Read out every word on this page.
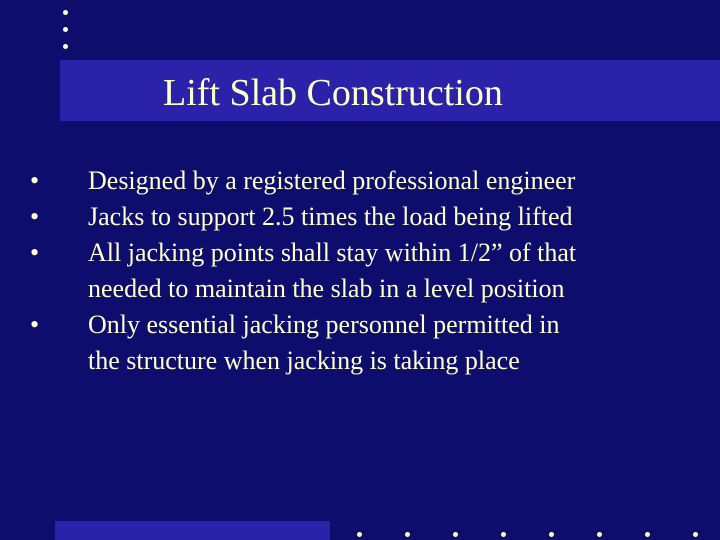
Lift Slab Construction
•	Designed by a registered professional engineer
•	Jacks to support 2.5 times the load being lifted
•	All jacking points shall stay within 1/2” of that
needed to maintain the slab in a level position
•	Only essential jacking personnel permitted in
the structure when jacking is taking place
